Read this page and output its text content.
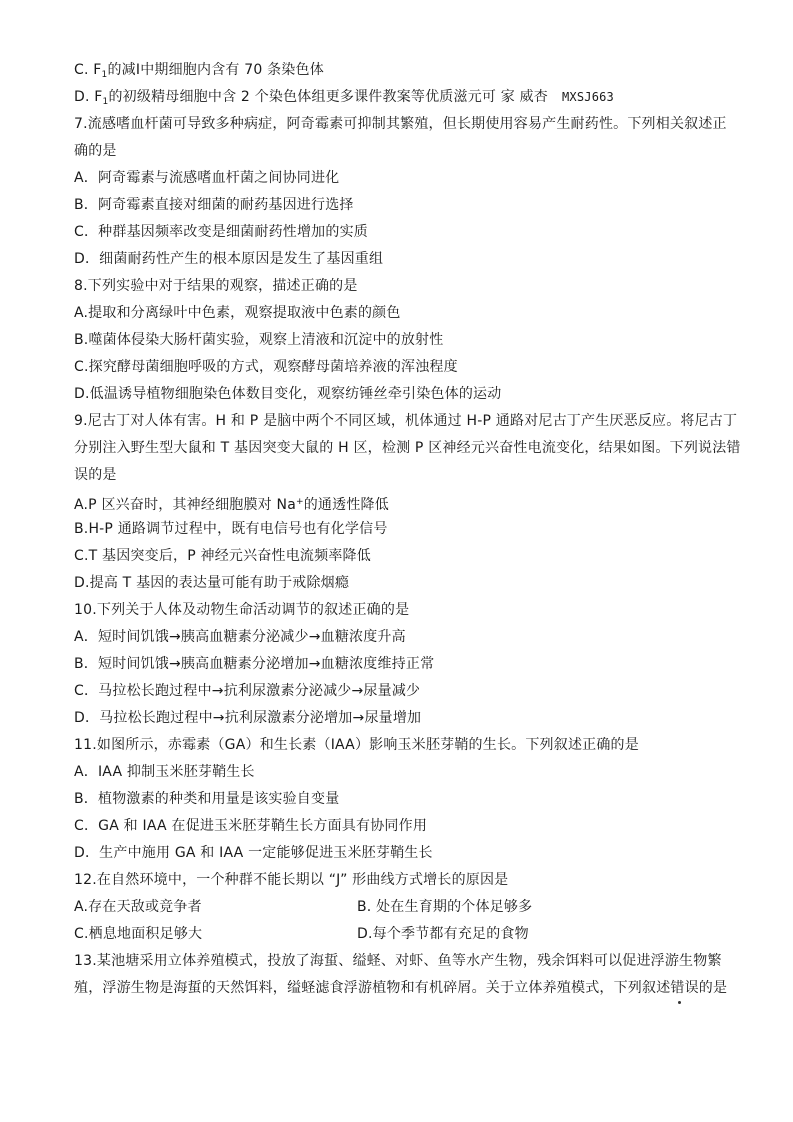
C. $F_1$的减Ⅰ中期细胞内含有 70 条染色体
D. $F_1$的初级精母细胞中含 2 个染色体组更多课件教案等优质滋元可 家 威杏 MXSJ663
7.流感嗜血杆菌可导致多种病症，阿奇霉素可抑制其繁殖，但长期使用容易产生耐药性。下列相关叙述正
确的是
A．阿奇霉素与流感嗜血杆菌之间协同进化
B．阿奇霉素直接对细菌的耐药基因进行选择
C．种群基因频率改变是细菌耐药性增加的实质
D．细菌耐药性产生的根本原因是发生了基因重组
8.下列实验中对于结果的观察，描述正确的是
A.提取和分离绿叶中色素，观察提取液中色素的颜色
B.噬菌体侵染大肠杆菌实验，观察上清液和沉淀中的放射性
C.探究酵母菌细胞呼吸的方式，观察酵母菌培养液的浑浊程度
D.低温诱导植物细胞染色体数目变化，观察纺锤丝牵引染色体的运动
9.尼古丁对人体有害。H 和 P 是脑中两个不同区域，机体通过 H-P 通路对尼古丁产生厌恶反应。将尼古丁
分别注入野生型大鼠和 T 基因突变大鼠的 H 区，检测 P 区神经元兴奋性电流变化，结果如图。下列说法错
误的是
A.P 区兴奋时，其神经细胞膜对 Na+的通透性降低
B.H-P 通路调节过程中，既有电信号也有化学信号
C.T 基因突变后，P 神经元兴奋性电流频率降低
D.提高 T 基因的表达量可能有助于戒除烟瘾
10.下列关于人体及动物生命活动调节的叙述正确的是
A．短时间饥饿→胰高血糖素分泌减少→血糖浓度升高
B．短时间饥饿→胰高血糖素分泌增加→血糖浓度维持正常
C．马拉松长跑过程中→抗利尿激素分泌减少→尿量减少
D．马拉松长跑过程中→抗利尿激素分泌增加→尿量增加
11.如图所示，赤霉素（GA）和生长素（IAA）影响玉米胚芽鞘的生长。下列叙述正确的是
A．IAA 抑制玉米胚芽鞘生长
B．植物激素的种类和用量是该实验自变量
C．GA 和 IAA 在促进玉米胚芽鞘生长方面具有协同作用
D．生产中施用 GA 和 IAA 一定能够促进玉米胚芽鞘生长
12.在自然环境中，一个种群不能长期以 “J” 形曲线方式增长的原因是
A.存在天敌或竞争者	B. 处在生育期的个体足够多
C.栖息地面积足够大	D.每个季节都有充足的食物
13.某池塘采用立体养殖模式，投放了海蜇、缢蛏、对虾、鱼等水产生物，残余饵料可以促进浮游生物繁
殖，浮游生物是海蜇的天然饵料，缢蛏滤食浮游植物和有机碎屑。关于立体养殖模式，下列叙述错误的是
